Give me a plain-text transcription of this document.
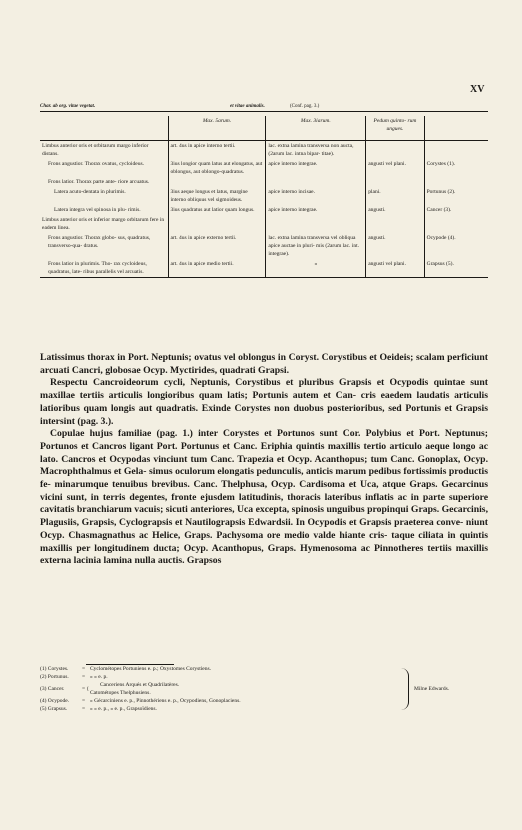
XV
Char. ab org. vitae vegetat.	et vitae animalis.	(Conf. pag. 3.)

	Max. 5arum.	Max. 3iarum.	Pedum quinto- rum ungues.	
Limbus anterior oris et orbitarum margo inferior distans.	art. 4us in apice interno tertii.	lac. extna lamina transversa non aucta, (2arum lac. intna bipar- titae).		
Frons angustior. Thorax ovatus, cycloideus.	3ius longior quam latus aut elongatus, aut oblongus, aut oblongo-quadratus.	apice interno integrae.	angusti vel plani.	Corystes (1).
Frons latior. Thorax parte ante- riore arcuatus.				
Latera acuto-dentata in plurimis.	3ius aeque longus et latus, margine interno obliquus vel sigmoideus.	apice interno incisae.	plani.	Portunus (2).
Latera integra vel spinosa in plu- rimis.	3ius quadratus aut latior quam longus.	apice interno integrae.	angusti.	Cancer (3).
Limbus anterior oris et inferior margo orbitarum fere in eadem linea.				
Frons angustior. Thorax globo- sus, quadratus, transverso-qua- dratus.	art. 4us in apice externo tertii.	lac. extna lamina transversa vel obliqua apice auctae in pluri- mis (2arum lac. int. integrae).	angusti.	Ocypode (4).
Frons latior in plurimis. Tho- rax cycloideus, quadratus, late- ribus parallelis vel arcuatis.	art. 4us in apice medio tertii.	»	angusti vel plani.	Grapsus (5).

Latissimus thorax in Port. Neptunis; ovatus vel oblongus in Coryst. Corystibus et Oeideis; scalam perficiunt arcuati Cancri, globosae Ocyp. Myctirides, quadrati Grapsi.

Respectu Cancroideorum cycli, Neptunis, Corystibus et pluribus Grapsis et Ocypodis quintae sunt maxillae tertiis articulis longioribus quam latis; Portunis autem et Can- cris eaedem laudatis articulis latioribus quam longis aut quadratis. Exinde Corystes non duobus posterioribus, sed Portunis et Grapsis intersint (pag. 3.).

Copulae hujus familiae (pag. 1.) inter Corystes et Portunos sunt Cor. Polybius et Port. Neptunus; Portunos et Cancros ligant Port. Portunus et Canc. Eriphia quintis maxillis tertio articulo aeque longo ac lato. Cancros et Ocypodas vinciunt tum Canc. Trapezia et Ocyp. Acanthopus; tum Canc. Gonoplax, Ocyp. Macrophthalmus et Gela- simus oculorum elongatis pedunculis, anticis marum pedibus fortissimis productis fe- minarumque tenuibus brevibus. Canc. Thelphusa, Ocyp. Cardisoma et Uca, atque Graps. Gecarcinus vicini sunt, in terris degentes, fronte ejusdem latitudinis, thoracis lateribus inflatis ac in parte superiore cavitatis branchiarum vacuis; sicuti anteriores, Uca excepta, spinosis unguibus propinqui Graps. Gecarcinis, Plagusiis, Grapsis, Cyclograpsis et Nautilograpsis Edwardsii. In Ocypodis et Grapsis praeterea conve- niunt Ocyp. Chasmagnathus ac Helice, Graps. Pachysoma ore medio valde hiante cris- taque ciliata in quintis maxillis per longitudinem ducta; Ocyp. Acanthopus, Graps. Hymenosoma ac Pinnotheres tertiis maxillis externa lacinia lamina nulla auctis. Grapsos

(1) Corystes. = Cyclométopes Portuniens e. p.; Oxystomes Corystiens.
(2) Portunus. = » » e. p.
Canceriens Arqués et Quadrilatères.
(3) Cancer.	= {
Catométopes Thelphusiens.
(4) Ocypode. = » Gécarciniens e. p., Pinnothériens e. p., Ocypodiens, Gonoplaciens.
(5) Grapsus.	= » » e. p., » e. p., Grapsoïdiens.
Milne Edwards.
